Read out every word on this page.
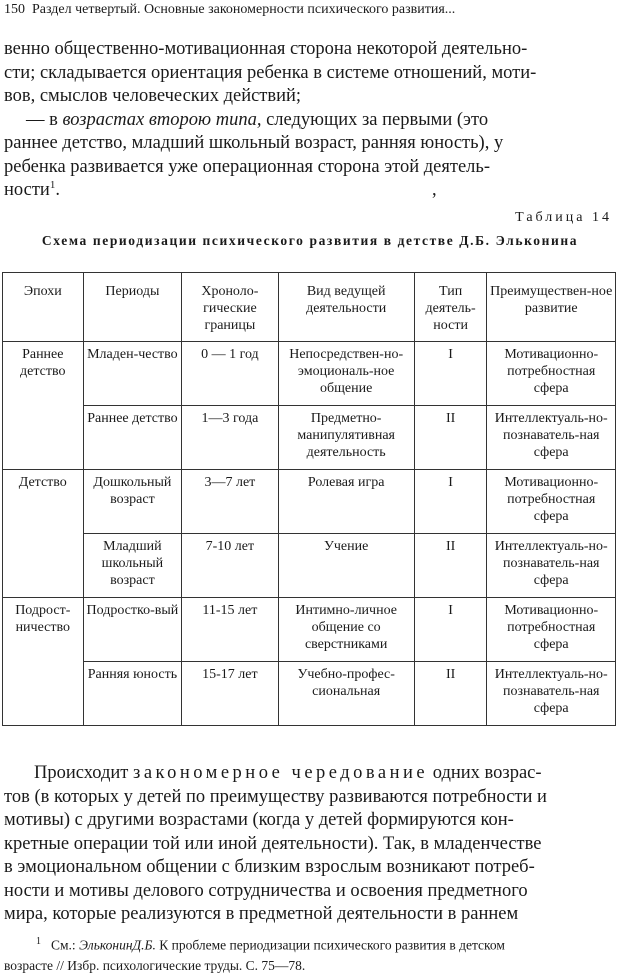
150 Раздел четвертый. Основные закономерности психического развития...
венно общественно-мотивационная сторона некоторой деятельно-
сти; складывается ориентация ребенка в системе отношений, моти-
вов, смыслов человеческих действий;
— в возрастах второю типа, следующих за первыми (это
раннее детство, младший школьный возраст, ранняя юность), у
ребенка развивается уже операционная сторона этой деятель-
ности$^1$.	,
Таблица 14
Схема периодизации психического развития в детстве Д.Б. Эльконина
Эпохи	Периоды	Хроноло-гические границы	Вид ведущей деятельности	Тип деятель-ности	Преимуществен-ное развитие
Раннее детство	Младен-чество	0 — 1 год	Непосредствен-но-эмоциональ-ное общение	I	Мотивационно-потребностная сфера
	Раннее детство	1—3 года	Предметно-манипулятивная деятельность	II	Интеллектуаль-но-познаватель-ная сфера
Детство	Дошкольный возраст	3—7 лет	Ролевая игра	I	Мотивационно-потребностная сфера
	Младший школьный возраст	7-10 лет	Учение	II	Интеллектуаль-но-познаватель-ная сфера
Подрост-ничество	Подростко-вый	11-15 лет	Интимно-личное общение со сверстниками	I	Мотивационно-потребностная сфера
	Ранняя юность	15-17 лет	Учебно-профес-сиональная	II	Интеллектуаль-но-познаватель-ная сфера
Происходит закономерное чередование одних возрас-
тов (в которых у детей по преимуществу развиваются потребности и
мотивы) с другими возрастами (когда у детей формируются кон-
кретные операции той или иной деятельности). Так, в младенчестве
в эмоциональном общении с близким взрослым возникают потреб-
ности и мотивы делового сотрудничества и освоения предметного
мира, которые реализуются в предметной деятельности в раннем
$^1$ См.: ЭльконинД.Б. К проблеме периодизации психического развития в детском
возрасте // Избр. психологические труды. С. 75—78.
